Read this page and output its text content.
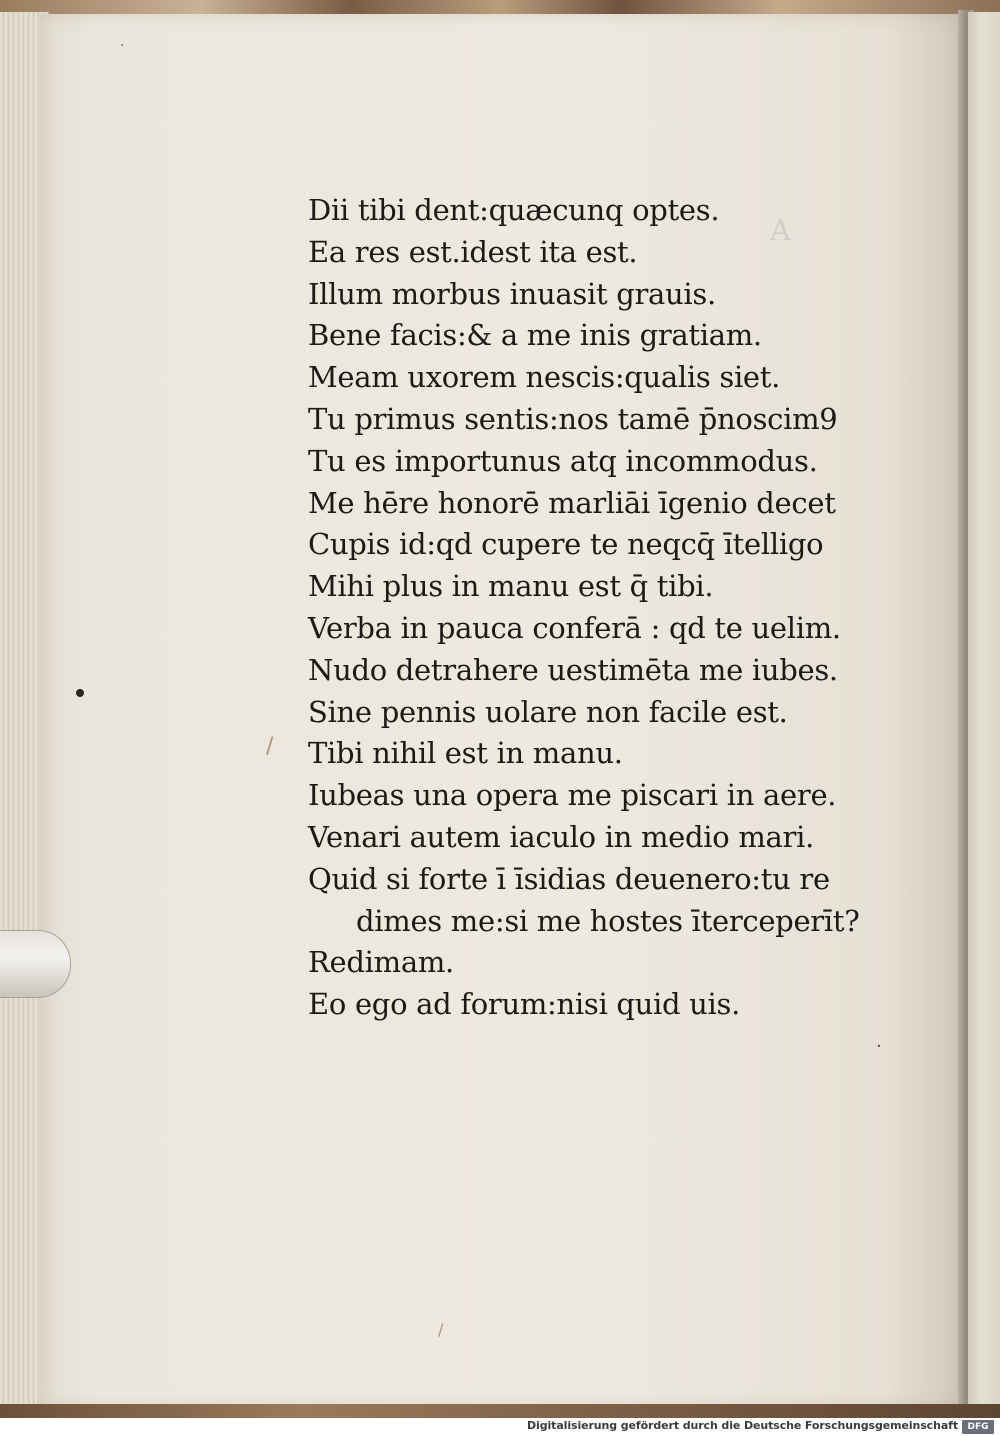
A
·
/
/
·
Dii tibi dent:quæcunq optes.
Ea res est.idest ita est.
Illum morbus inuasit grauis.
Bene facis:& a me inis gratiam.
Meam uxorem nescis:qualis siet.
Tu primus sentis:nos tamē p̄noscim9
Tu es importunus atq incommodus.
Me hēre honorē marliāi īgenio decet
Cupis id:qd cupere te neqcq̄ ītelligo
Mihi plus in manu est q̄ tibi.
Verba in pauca conferā : qd te uelim.
Nudo detrahere uestimēta me iubes.
Sine pennis uolare non facile est.
Tibi nihil est in manu.
Iubeas una opera me piscari in aere.
Venari autem iaculo in medio mari.
Quid si forte ī īsidias deuenero:tu re
dimes me:si me hostes īterceperīt?
Redimam.
Eo ego ad forum:nisi quid uis.
Digitalisierung gefördert durch die Deutsche Forschungsgemeinschaft	DFG
